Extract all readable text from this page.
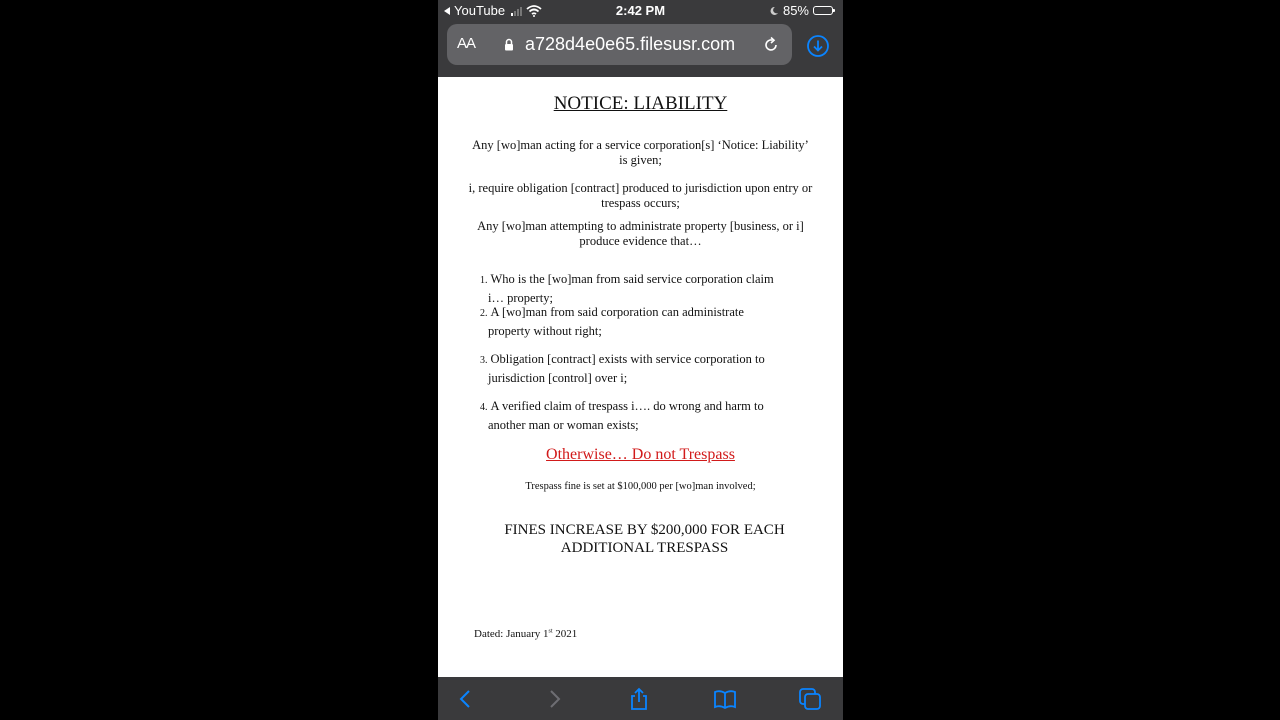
YouTube	2:42 PM	85%
AA	a728d4e0e65.filesusr.com
NOTICE: LIABILITY
Any [wo]man acting for a service corporation[s] ‘Notice: Liability’ is given;
i, require obligation [contract] produced to jurisdiction upon entry or trespass occurs;
Any [wo]man attempting to administrate property [business, or i] produce evidence that…
1. Who is the [wo]man from said service corporation claim
i… property;
2. A [wo]man from said corporation can administrate
property without right;
3. Obligation [contract] exists with service corporation to
jurisdiction [control] over i;
4. A verified claim of trespass i…. do wrong and harm to
another man or woman exists;
Otherwise… Do not Trespass
Trespass fine is set at $100,000 per [wo]man involved;
FINES INCREASE BY $200,000 FOR EACH ADDITIONAL TRESPASS
Dated: January 1st 2021
